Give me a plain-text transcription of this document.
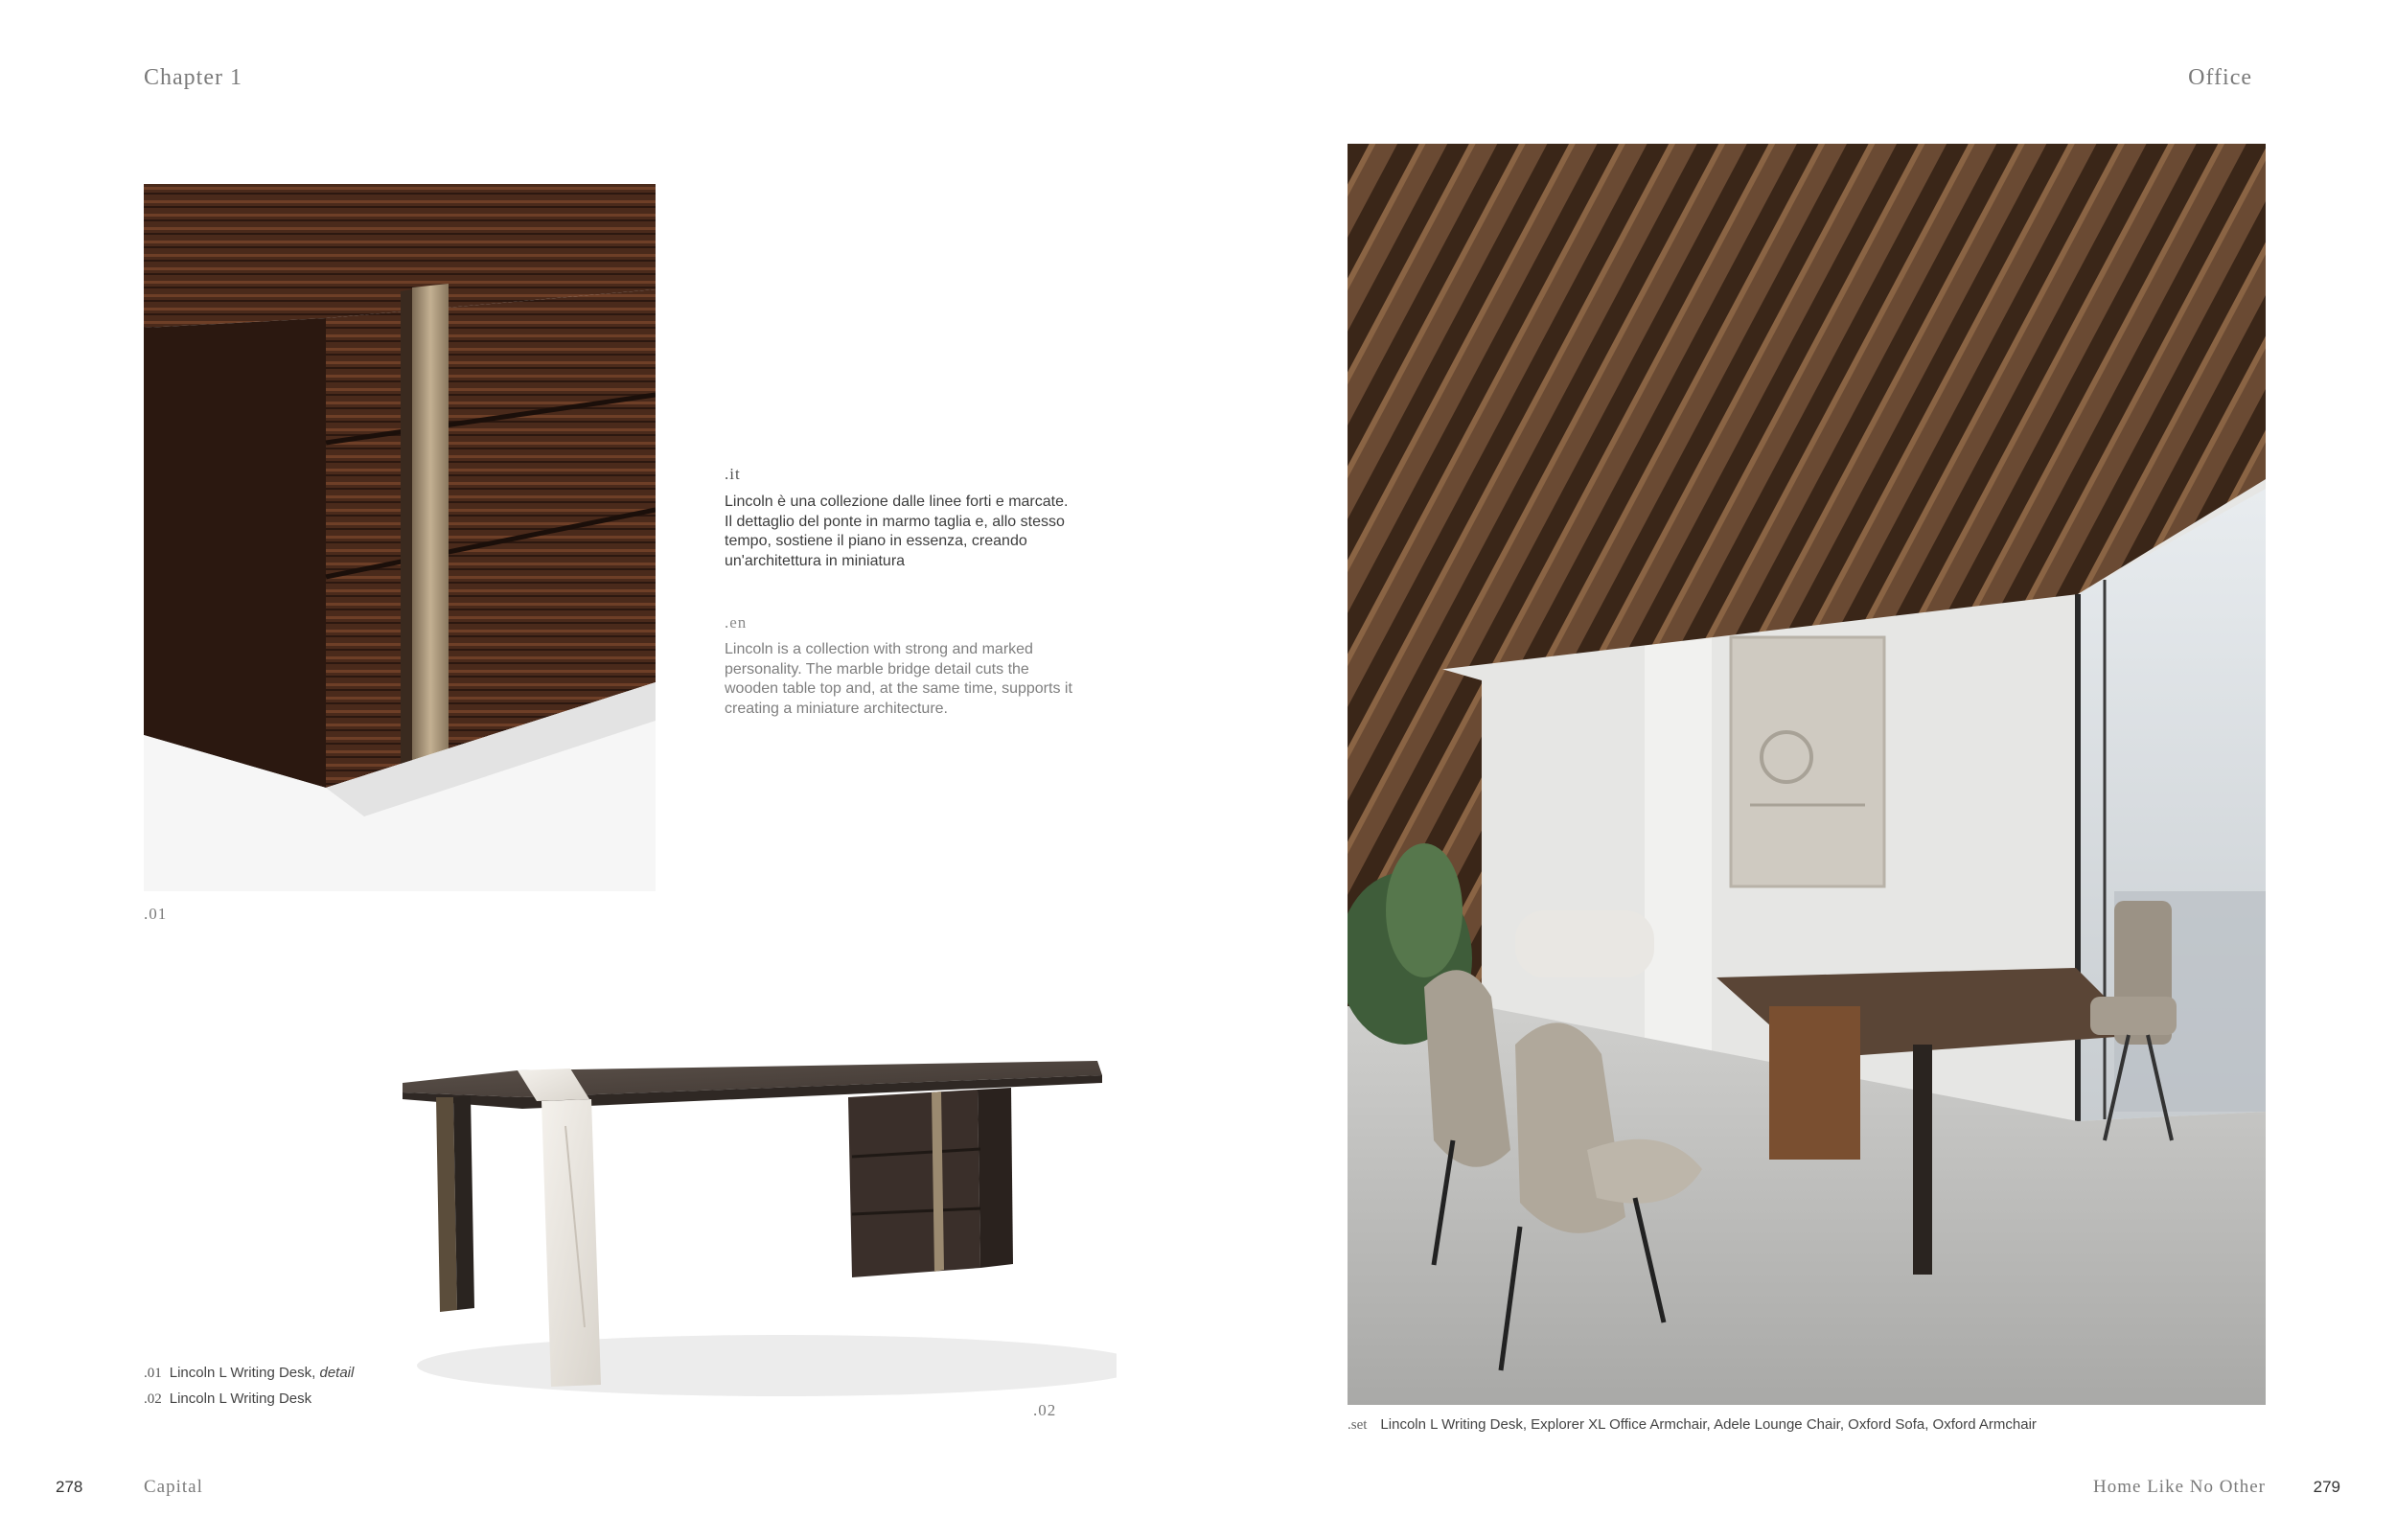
Chapter 1	Office
.01
.it
Lincoln è una collezione dalle linee forti e marcate. Il dettaglio del ponte in marmo taglia e, allo stesso tempo, sostiene il piano in essenza, creando un'architettura in miniatura
.en
Lincoln is a collection with strong and marked personality. The marble bridge detail cuts the wooden table top and, at the same time, supports it creating a miniature architecture.
.02
.01 Lincoln L Writing Desk, detail
.02 Lincoln L Writing Desk
.set Lincoln L Writing Desk, Explorer XL Office Armchair, Adele Lounge Chair, Oxford Sofa, Oxford Armchair
278	Capital	Home Like No Other	279
